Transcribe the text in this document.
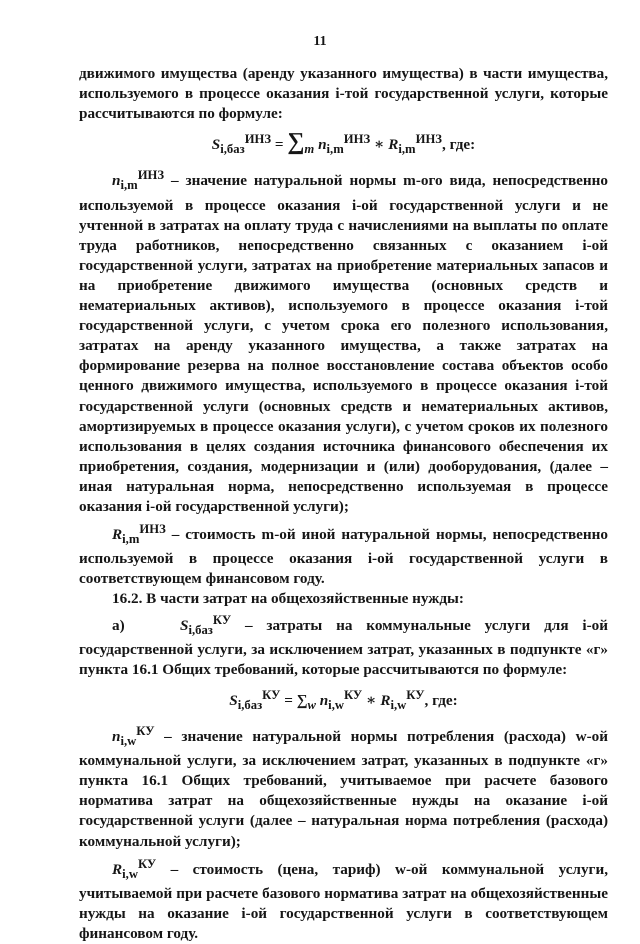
11

движимого имущества (аренду указанного имущества) в части имущества, используемого в процессе оказания i-той государственной услуги, которые рассчитываются по формуле:

$S_{i,баз}^{ИНЗ} = \sum_m$ $n_{i,m}^{ИНЗ}$ ∗ $R_{i,m}^{ИНЗ}$, где:

$n_{i,m}^{ИНЗ}$ – значение натуральной нормы m-ого вида, непосредственно используемой в процессе оказания i-ой государственной услуги и не учтенной в затратах на оплату труда с начислениями на выплаты по оплате труда работников, непосредственно связанных с оказанием i-ой государственной услуги, затратах на приобретение материальных запасов и на приобретение движимого имущества (основных средств и нематериальных активов), используемого в процессе оказания i-той государственной услуги, с учетом срока его полезного использования, затратах на аренду указанного имущества, а также затратах на формирование резерва на полное восстановление состава объектов особо ценного движимого имущества, используемого в процессе оказания i-той государственной услуги (основных средств и нематериальных активов, амортизируемых в процессе оказания услуги), с учетом сроков их полезного использования в целях создания источника финансового обеспечения их приобретения, создания, модернизации и (или) дооборудования, (далее – иная натуральная норма, непосредственно используемая в процессе оказания i-ой государственной услуги);

$R_{i,m}^{ИНЗ}$ – стоимость m-ой иной натуральной нормы, непосредственно используемой в процессе оказания i-ой государственной услуги в соответствующем финансовом году.

16.2. В части затрат на общехозяйственные нужды:

а)	$S_{i,баз}^{КУ}$ – затраты на коммунальные услуги для i-ой государственной услуги, за исключением затрат, указанных в подпункте «г» пункта 16.1 Общих требований, которые рассчитываются по формуле:

$S_{i,баз}^{КУ} = \sum_w$ $n_{i,w}^{КУ}$ ∗ $R_{i,w}^{КУ}$, где:

$n_{i,w}^{КУ}$ – значение натуральной нормы потребления (расхода) w-ой коммунальной услуги, за исключением затрат, указанных в подпункте «г» пункта 16.1 Общих требований, учитываемое при расчете базового норматива затрат на общехозяйственные нужды на оказание i-ой государственной услуги (далее – натуральная норма потребления (расхода) коммунальной услуги);

$R_{i,w}^{КУ}$ – стоимость (цена, тариф) w-ой коммунальной услуги, учитываемой при расчете базового норматива затрат на общехозяйственные нужды на оказание i-ой государственной услуги в соответствующем финансовом году.
